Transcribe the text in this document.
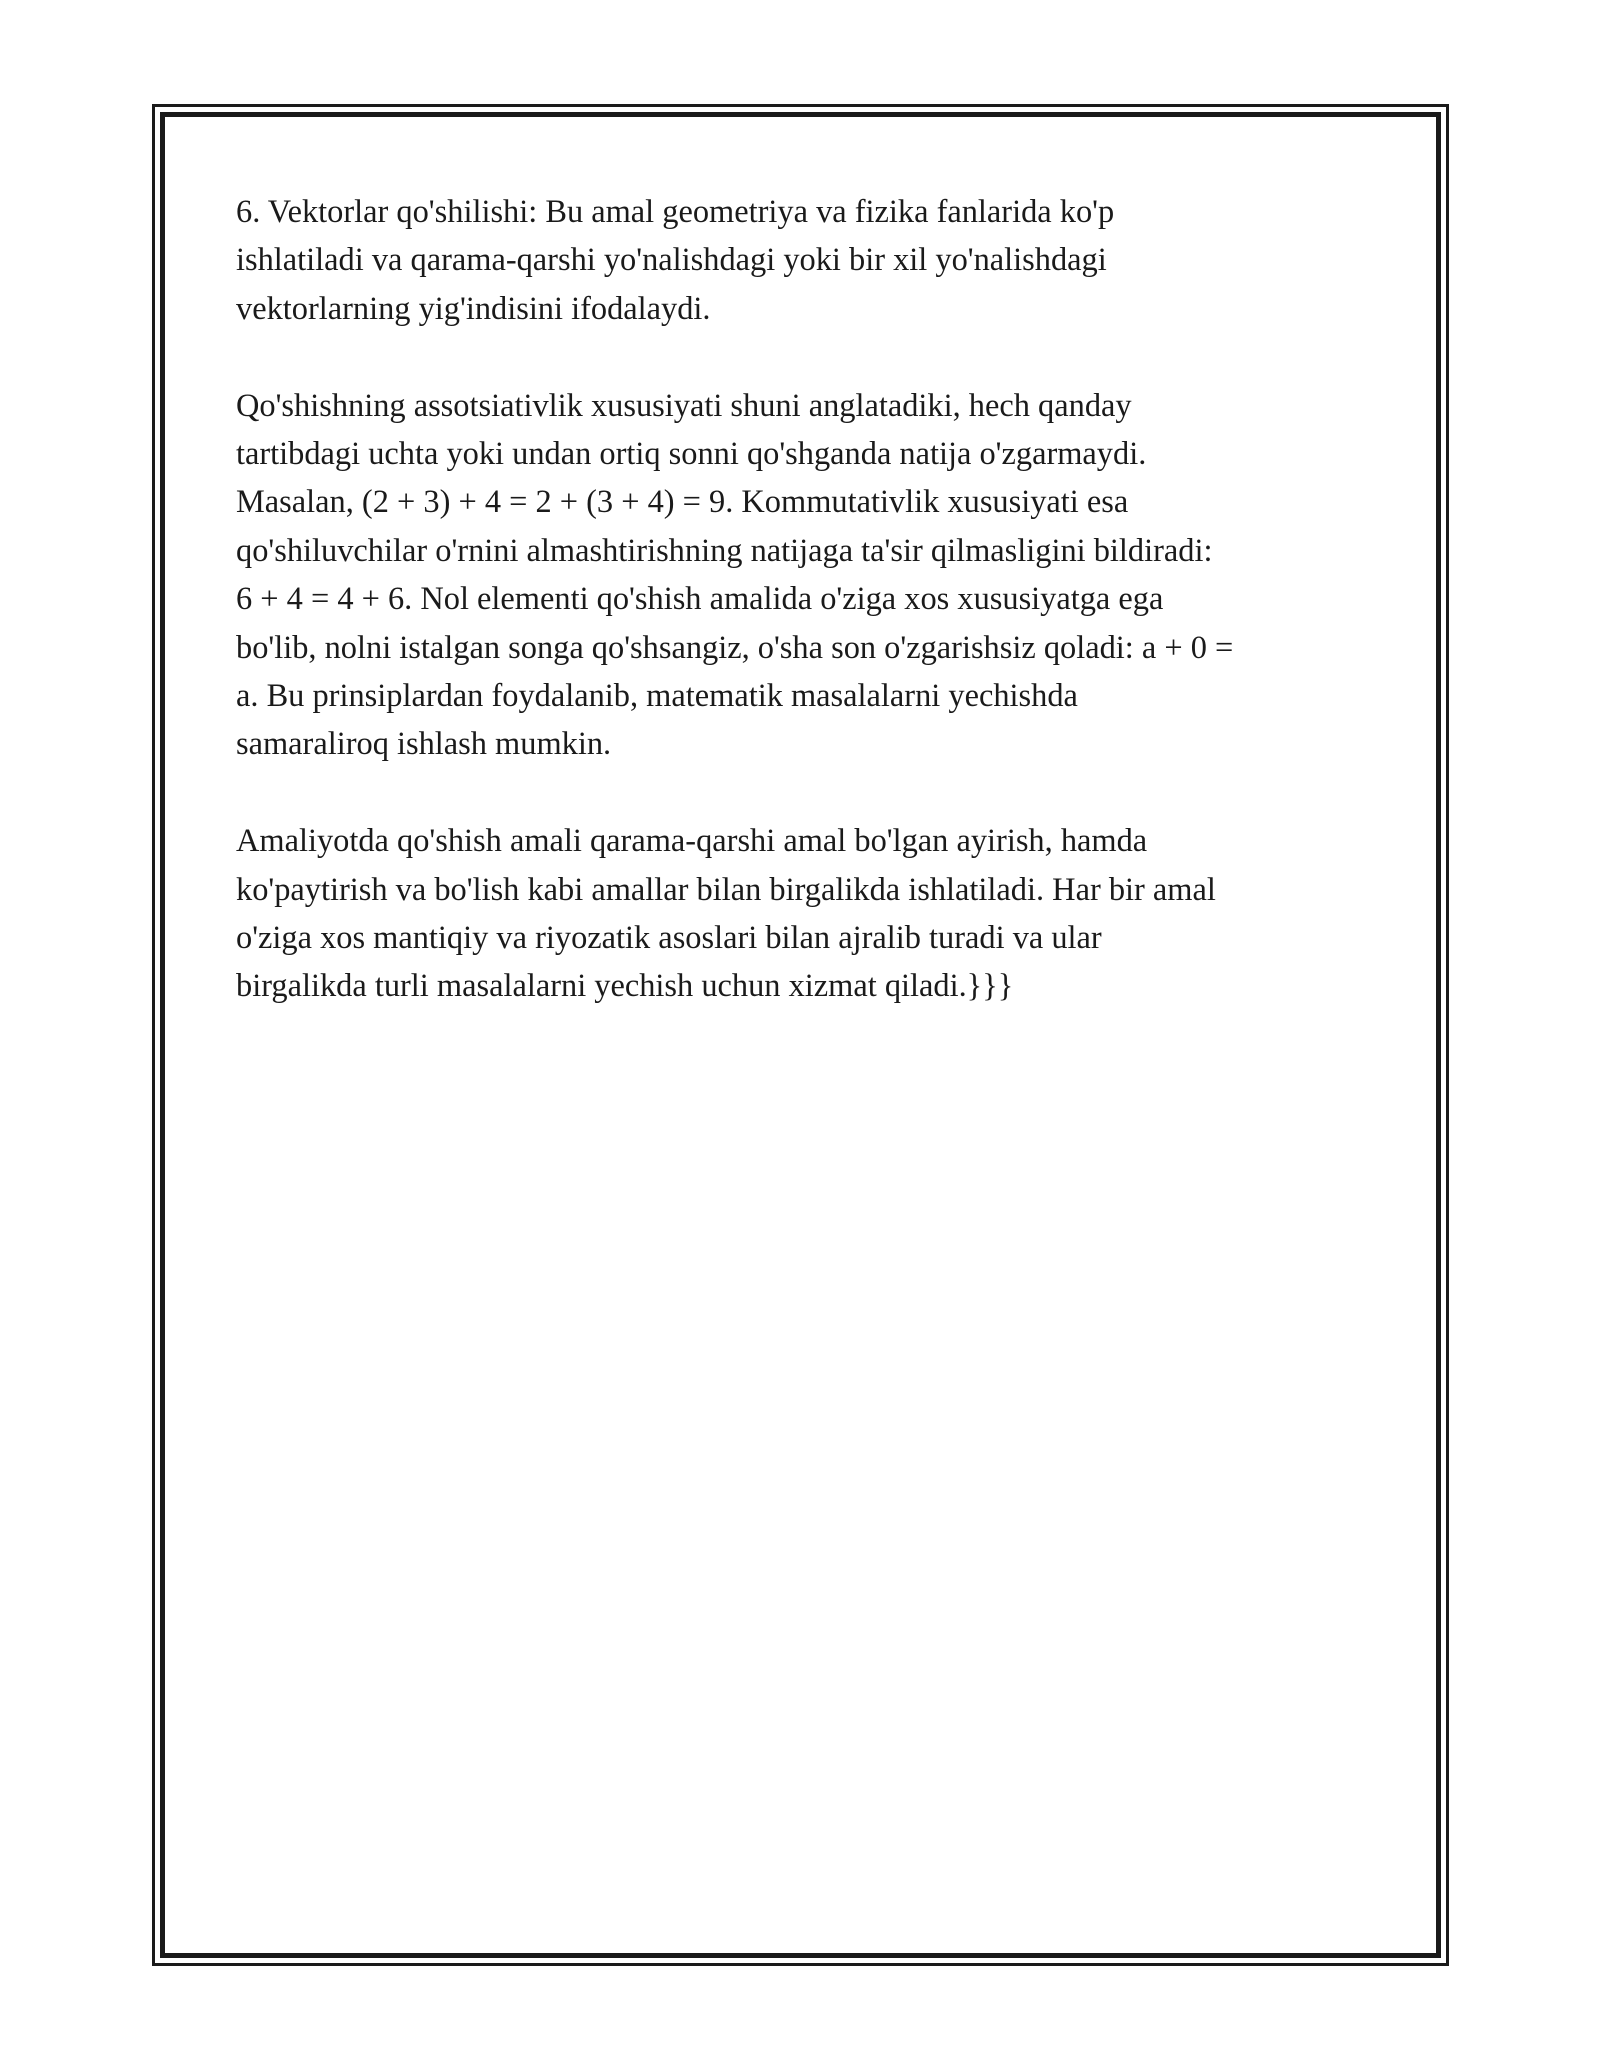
6. Vektorlar qo'shilishi: Bu amal geometriya va fizika fanlarida ko'p
ishlatiladi va qarama-qarshi yo'nalishdagi yoki bir xil yo'nalishdagi
vektorlarning yig'indisini ifodalaydi.

Qo'shishning assotsiativlik xususiyati shuni anglatadiki, hech qanday
tartibdagi uchta yoki undan ortiq sonni qo'shganda natija o'zgarmaydi.
Masalan, (2 + 3) + 4 = 2 + (3 + 4) = 9. Kommutativlik xususiyati esa
qo'shiluvchilar o'rnini almashtirishning natijaga ta'sir qilmasligini bildiradi:
6 + 4 = 4 + 6. Nol elementi qo'shish amalida o'ziga xos xususiyatga ega
bo'lib, nolni istalgan songa qo'shsangiz, o'sha son o'zgarishsiz qoladi: a + 0 =
a. Bu prinsiplardan foydalanib, matematik masalalarni yechishda
samaraliroq ishlash mumkin.

Amaliyotda qo'shish amali qarama-qarshi amal bo'lgan ayirish, hamda
ko'paytirish va bo'lish kabi amallar bilan birgalikda ishlatiladi. Har bir amal
o'ziga xos mantiqiy va riyozatik asoslari bilan ajralib turadi va ular
birgalikda turli masalalarni yechish uchun xizmat qiladi.}}}
